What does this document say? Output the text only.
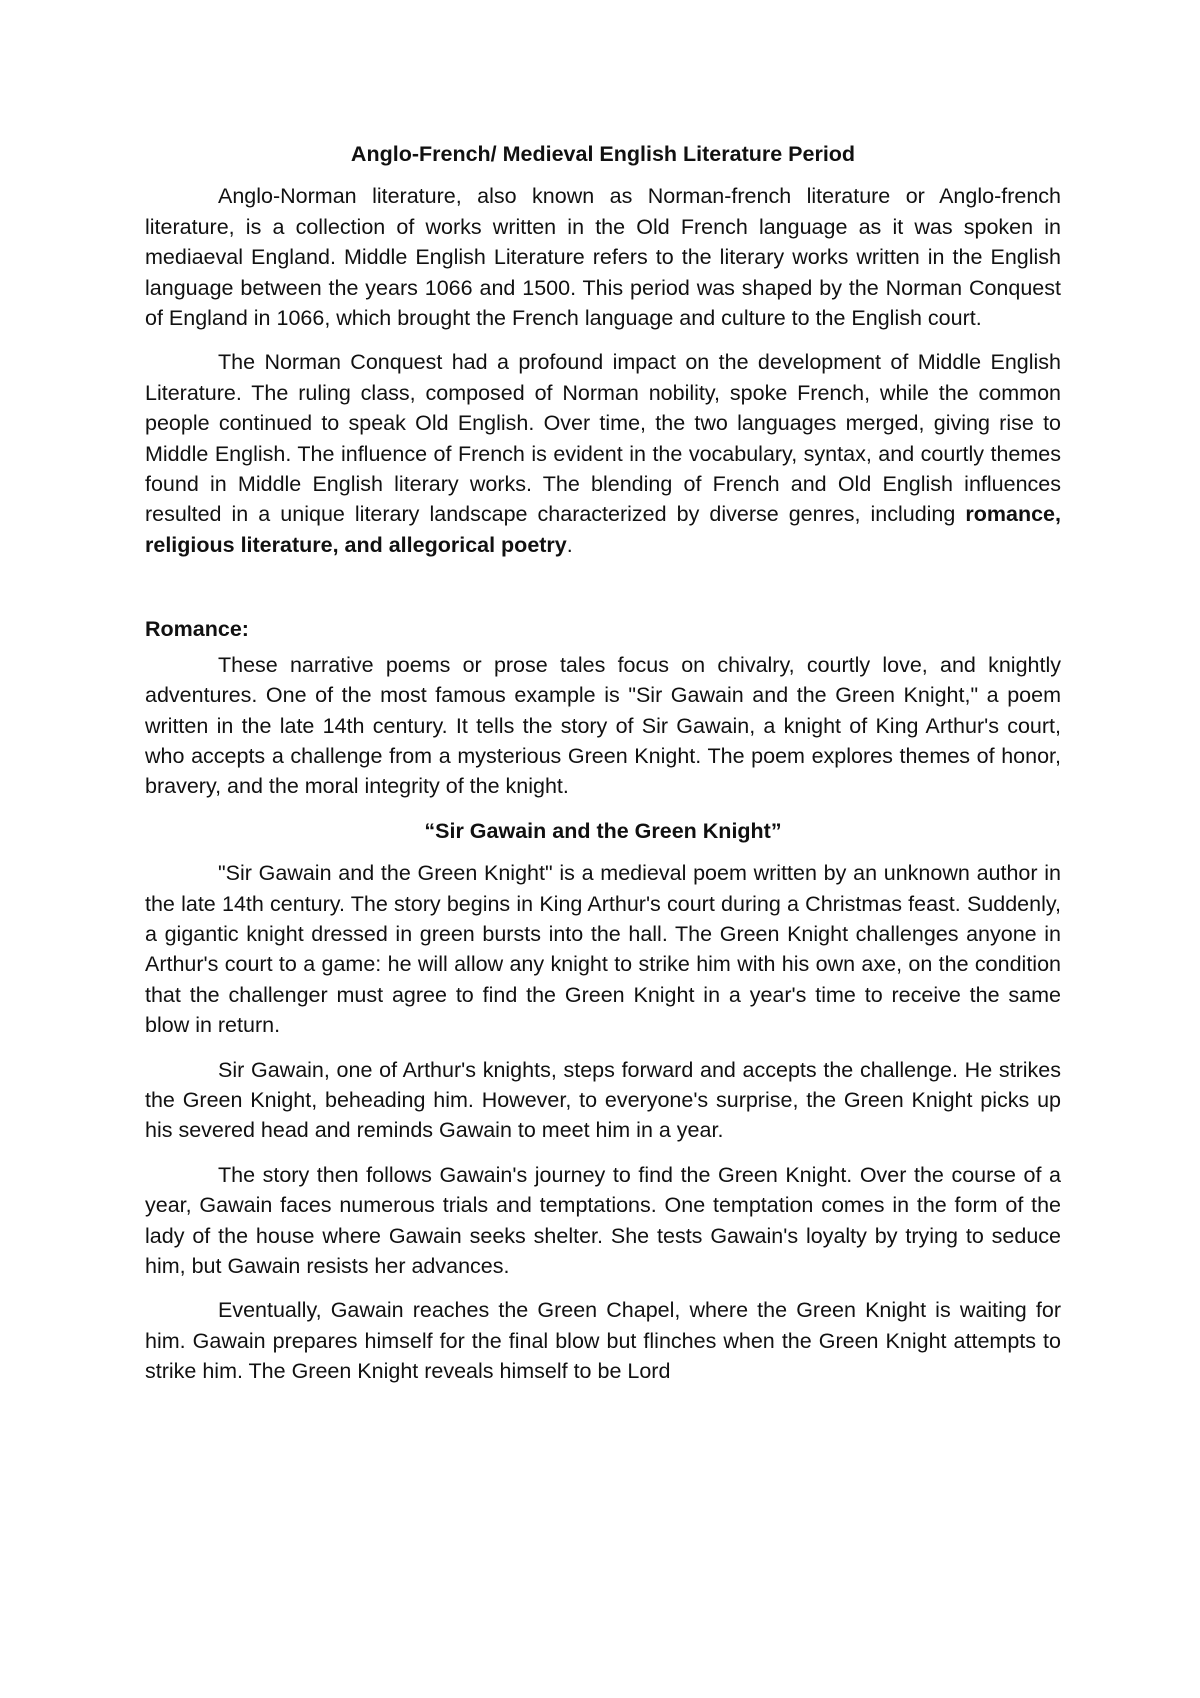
Anglo-French/ Medieval English Literature Period

Anglo-Norman literature, also known as Norman-french literature or Anglo-french literature, is a collection of works written in the Old French language as it was spoken in mediaeval England. Middle English Literature refers to the literary works written in the English language between the years 1066 and 1500. This period was shaped by the Norman Conquest of England in 1066, which brought the French language and culture to the English court.

The Norman Conquest had a profound impact on the development of Middle English Literature. The ruling class, composed of Norman nobility, spoke French, while the common people continued to speak Old English. Over time, the two languages merged, giving rise to Middle English. The influence of French is evident in the vocabulary, syntax, and courtly themes found in Middle English literary works. The blending of French and Old English influences resulted in a unique literary landscape characterized by diverse genres, including romance, religious literature, and allegorical poetry.

Romance:

These narrative poems or prose tales focus on chivalry, courtly love, and knightly adventures. One of the most famous example is "Sir Gawain and the Green Knight," a poem written in the late 14th century. It tells the story of Sir Gawain, a knight of King Arthur's court, who accepts a challenge from a mysterious Green Knight. The poem explores themes of honor, bravery, and the moral integrity of the knight.

“Sir Gawain and the Green Knight”

"Sir Gawain and the Green Knight" is a medieval poem written by an unknown author in the late 14th century. The story begins in King Arthur's court during a Christmas feast. Suddenly, a gigantic knight dressed in green bursts into the hall. The Green Knight challenges anyone in Arthur's court to a game: he will allow any knight to strike him with his own axe, on the condition that the challenger must agree to find the Green Knight in a year's time to receive the same blow in return.

Sir Gawain, one of Arthur's knights, steps forward and accepts the challenge. He strikes the Green Knight, beheading him. However, to everyone's surprise, the Green Knight picks up his severed head and reminds Gawain to meet him in a year.

The story then follows Gawain's journey to find the Green Knight. Over the course of a year, Gawain faces numerous trials and temptations. One temptation comes in the form of the lady of the house where Gawain seeks shelter. She tests Gawain's loyalty by trying to seduce him, but Gawain resists her advances.

Eventually, Gawain reaches the Green Chapel, where the Green Knight is waiting for him. Gawain prepares himself for the final blow but flinches when the Green Knight attempts to strike him. The Green Knight reveals himself to be Lord
